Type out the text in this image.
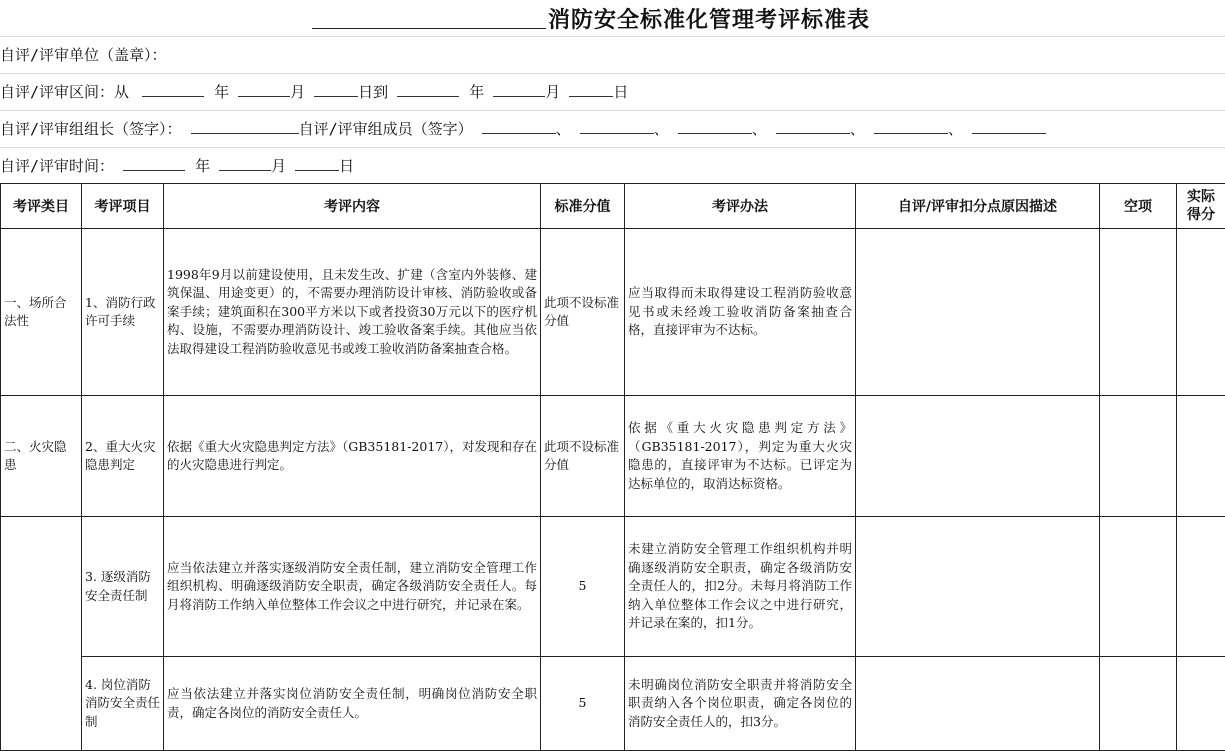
消防安全标准化管理考评标准表
自评/评审单位（盖章）：
自评/评审区间：从	年	月	日到	年	月	日
自评/评审组组长（签字）：	自评/评审组成员（签字）	、	、	、	、	、
自评/评审时间：	年	月	日
考评类目	考评项目	考评内容	标准分值	考评办法	自评/评审扣分点原因描述	空项	实际得分
一、场所合法性	1、消防行政许可手续	1998年9月以前建设使用，且未发生改、扩建（含室内外装修、建筑保温、用途变更）的，不需要办理消防设计审核、消防验收或备案手续；建筑面积在300平方米以下或者投资30万元以下的医疗机构、设施，不需要办理消防设计、竣工验收备案手续。其他应当依法取得建设工程消防验收意见书或竣工验收消防备案抽查合格。	此项不设标准分值	应当取得而未取得建设工程消防验收意见书或未经竣工验收消防备案抽查合格，直接评审为不达标。			
二、火灾隐患	2、重大火灾隐患判定	依据《重大火灾隐患判定方法》（GB35181-2017），对发现和存在的火灾隐患进行判定。	此项不设标准分值	依据《重大火灾隐患判定方法》（GB35181-2017），判定为重大火灾隐患的，直接评审为不达标。已评定为达标单位的，取消达标资格。			
	3. 逐级消防安全责任制	应当依法建立并落实逐级消防安全责任制，建立消防安全管理工作组织机构、明确逐级消防安全职责，确定各级消防安全责任人。每月将消防工作纳入单位整体工作会议之中进行研究，并记录在案。	5	未建立消防安全管理工作组织机构并明确逐级消防安全职责，确定各级消防安全责任人的，扣2分。未每月将消防工作纳入单位整体工作会议之中进行研究，并记录在案的，扣1分。			
	4. 岗位消防消防安全责任制	应当依法建立并落实岗位消防安全责任制，明确岗位消防安全职责，确定各岗位的消防安全责任人。	5	未明确岗位消防安全职责并将消防安全职责纳入各个岗位职责，确定各岗位的消防安全责任人的，扣3分。			
